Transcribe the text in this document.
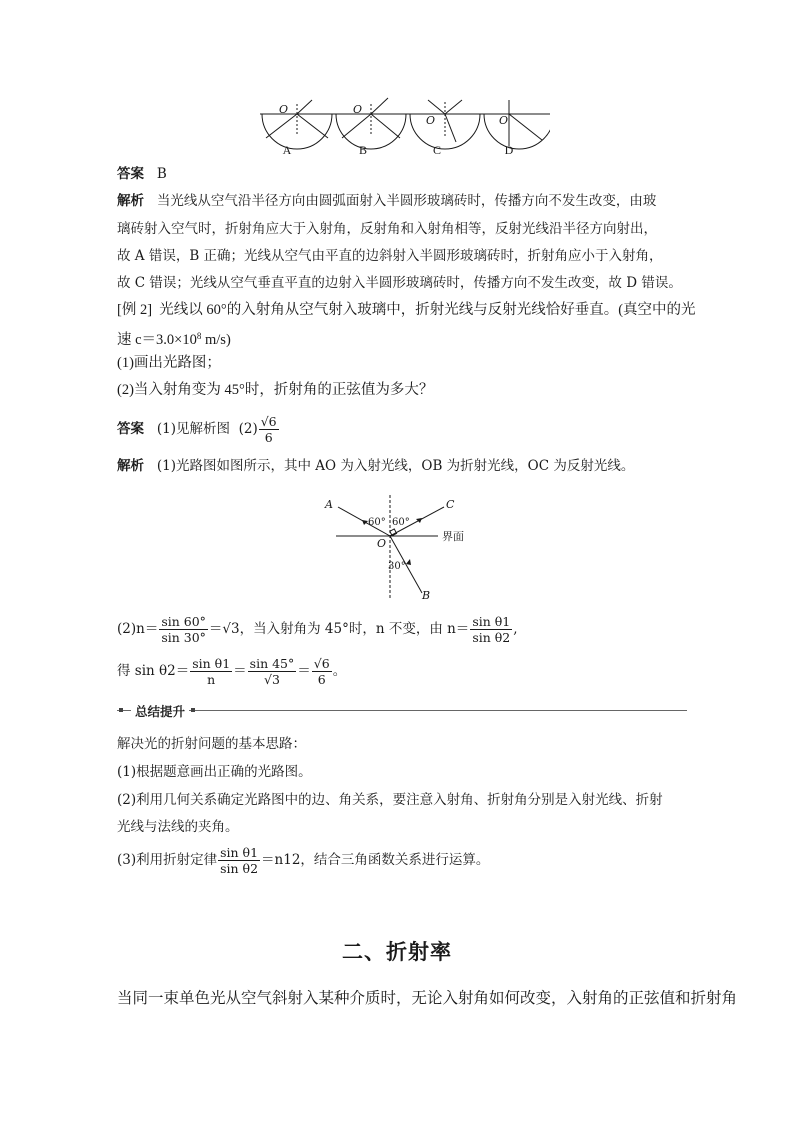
O	O
O	O
A	B	C	D
答案 B
解析 当光线从空气沿半径方向由圆弧面射入半圆形玻璃砖时，传播方向不发生改变，由玻
璃砖射入空气时，折射角应大于入射角，反射角和入射角相等，反射光线沿半径方向射出，
故 A 错误，B 正确；光线从空气由平直的边斜射入半圆形玻璃砖时，折射角应小于入射角，
故 C 错误；光线从空气垂直平直的边射入半圆形玻璃砖时，传播方向不发生改变，故 D 错误。
[例 2] 光线以 60°的入射角从空气射入玻璃中，折射光线与反射光线恰好垂直。(真空中的光
速 $c=3.0\times 10^8$ m/s)
(1)画出光路图；
(2)当入射角变为 45°时，折射角的正弦值为多大？
答案 (1)见解析图 $(2) \frac{√6}{6}$
解析 (1)光路图如图所示，其中 AO 为入射光线，OB 为折射光线，OC 为反射光线。
A	C
O
B
60° 60°
30°
界面
$(2)n= \frac{\sin 60^\circ}{\sin 30^\circ} =√3$，当入射角为 45°时，n 不变，由 $n= \frac{\text{sin θ1}}{\text{sin θ2}}$ ,
得 $\sin \theta 2= \frac{\text{sin θ1}}{n} = \frac{\sin 45^\circ}{√3} = \frac{√6}{6}$ 。
总结提升
解决光的折射问题的基本思路：
(1)根据题意画出正确的光路图。
(2)利用几何关系确定光路图中的边、角关系，要注意入射角、折射角分别是入射光线、折射
光线与法线的夹角。
(3)利用折射定律 $\frac{\text{sin θ1}}{\text{sin θ2}} =n12$，结合三角函数关系进行运算。
二、折射率
当同一束单色光从空气斜射入某种介质时，无论入射角如何改变，入射角的正弦值和折射角
